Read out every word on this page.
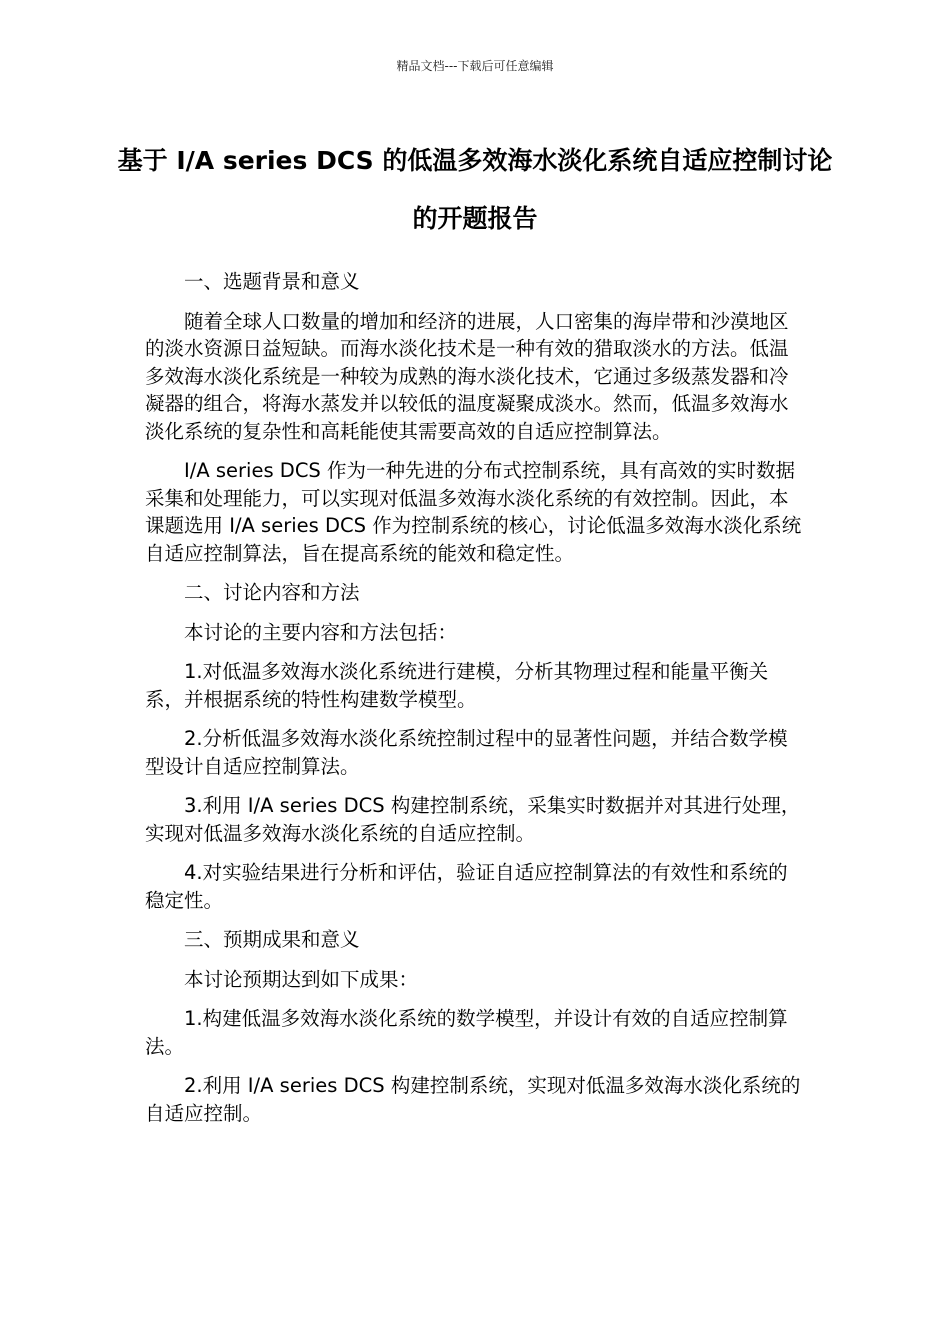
精品文档---下载后可任意编辑
基于 I/A series DCS 的低温多效海水淡化系统自适应控制讨论的开题报告

一、选题背景和意义

随着全球人口数量的增加和经济的进展，人口密集的海岸带和沙漠地区的淡水资源日益短缺。而海水淡化技术是一种有效的猎取淡水的方法。低温多效海水淡化系统是一种较为成熟的海水淡化技术，它通过多级蒸发器和冷凝器的组合，将海水蒸发并以较低的温度凝聚成淡水。然而，低温多效海水淡化系统的复杂性和高耗能使其需要高效的自适应控制算法。

I/A series DCS 作为一种先进的分布式控制系统，具有高效的实时数据采集和处理能力，可以实现对低温多效海水淡化系统的有效控制。因此，本课题选用 I/A series DCS 作为控制系统的核心，讨论低温多效海水淡化系统自适应控制算法，旨在提高系统的能效和稳定性。

二、讨论内容和方法

本讨论的主要内容和方法包括：

1.对低温多效海水淡化系统进行建模，分析其物理过程和能量平衡关系，并根据系统的特性构建数学模型。

2.分析低温多效海水淡化系统控制过程中的显著性问题，并结合数学模型设计自适应控制算法。

3.利用 I/A series DCS 构建控制系统，采集实时数据并对其进行处理，实现对低温多效海水淡化系统的自适应控制。

4.对实验结果进行分析和评估，验证自适应控制算法的有效性和系统的稳定性。

三、预期成果和意义

本讨论预期达到如下成果：

1.构建低温多效海水淡化系统的数学模型，并设计有效的自适应控制算法。

2.利用 I/A series DCS 构建控制系统，实现对低温多效海水淡化系统的自适应控制。
